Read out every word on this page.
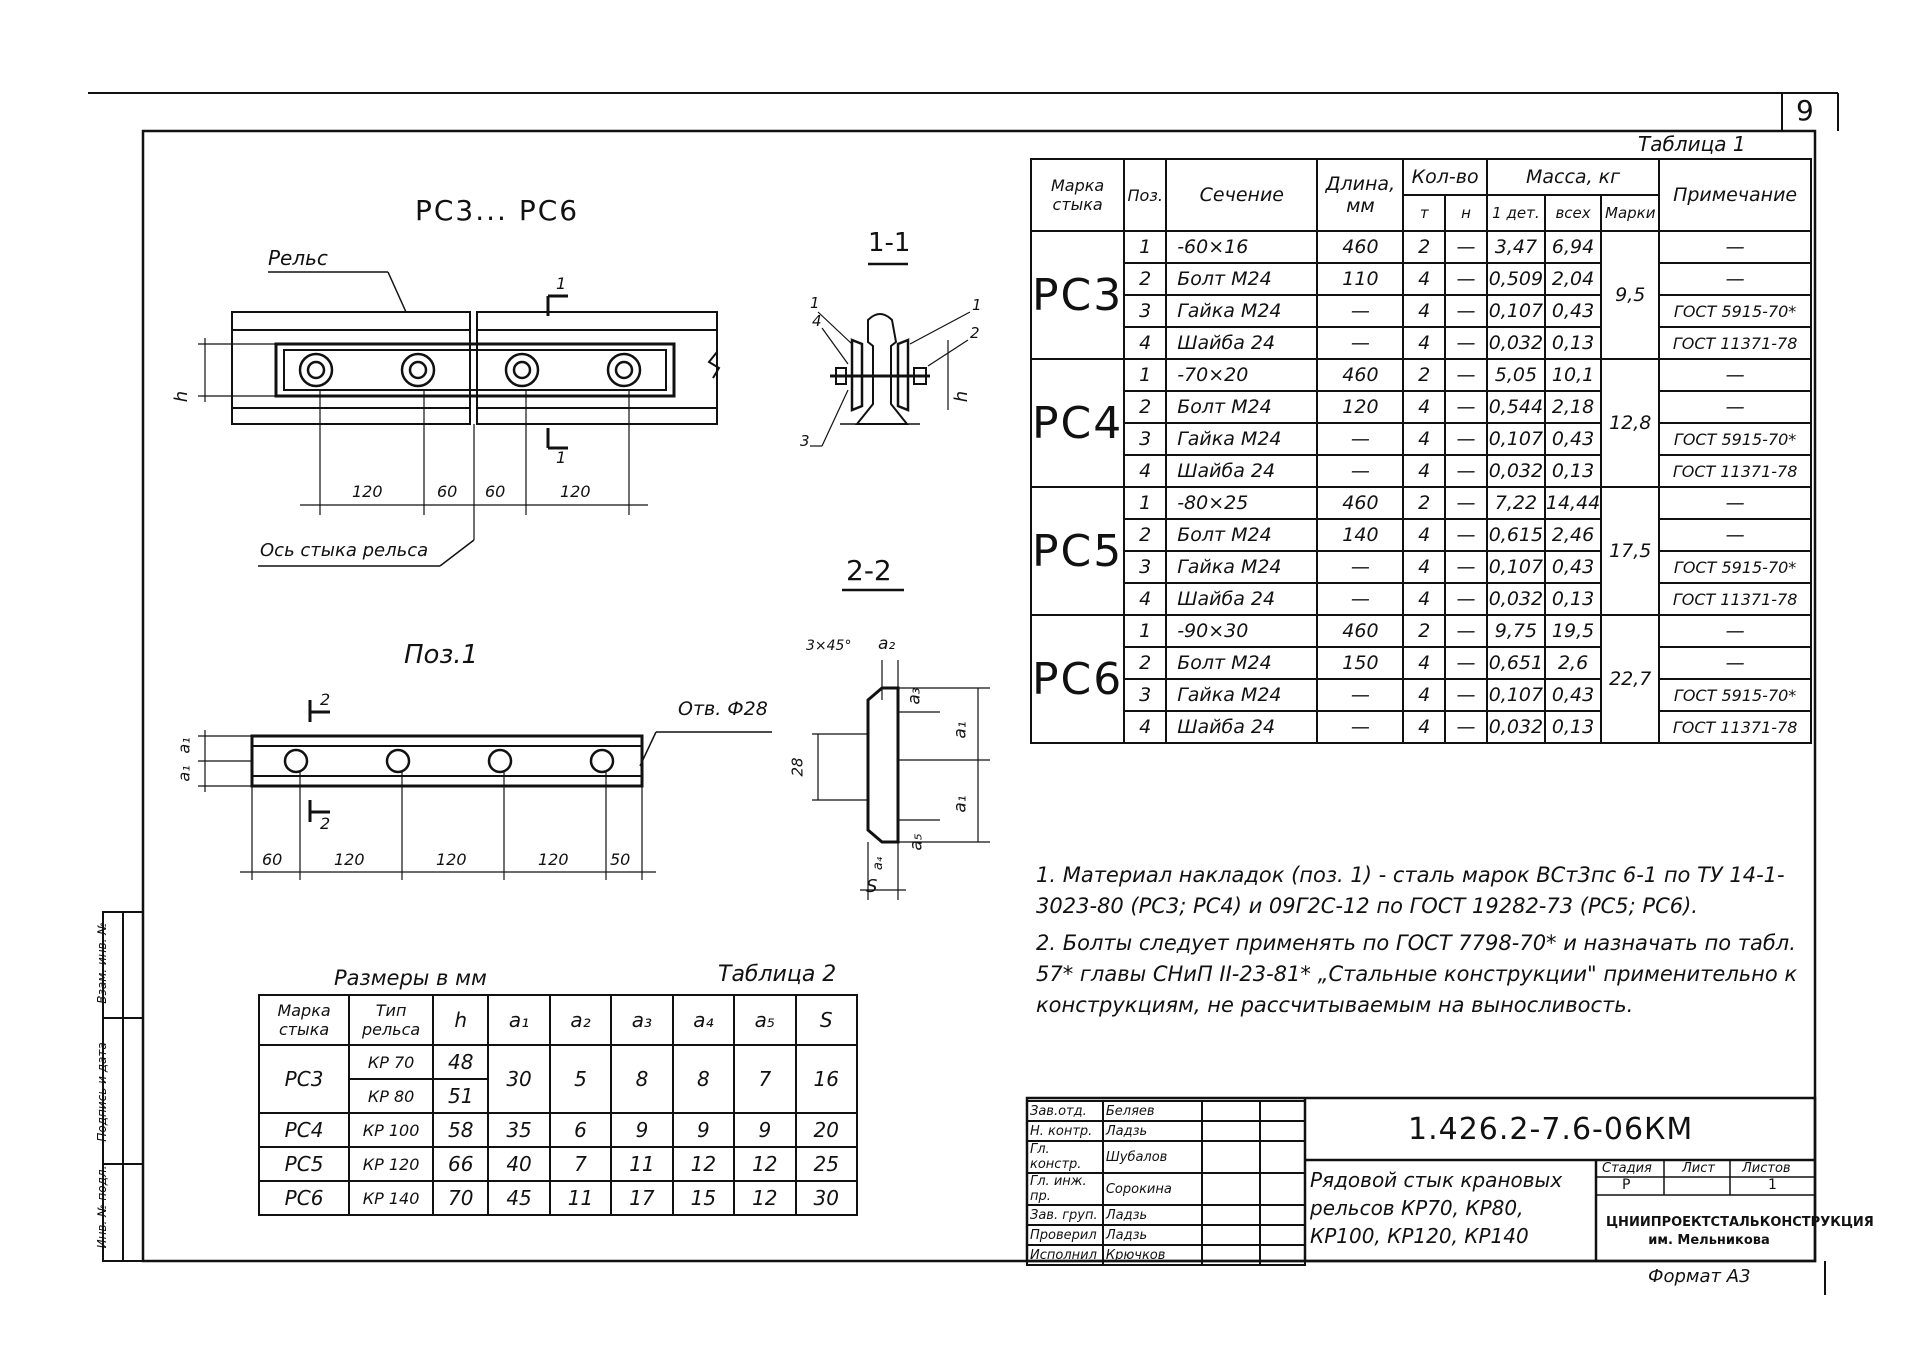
9
Формат А3
Инв. № подл.
Подпись и дата
Взам. инв. №
РС3... РС6
Рельс
Ось стыка рельса
1-1
2-2
Поз.1
Отв. Ф28
3×45°
h	h
S
28
a₂
a₃
a₁
a₁
a₅
a₄
a₁
a₁
1
1
2
2
1
4
3
1
2
120	60 60	120
60	120	120	120	50
Таблица 1
Марка стыка	Поз.	Сечение	Длина, мм	Кол-во		Масса, кг			Примечание
				т	н	1 дет.	всех	Марки	
РС3	1	-60×16	460	2	—	3,47	6,94	9,5	—
	2	Болт М24	110	4	—	0,509	2,04		—
	3	Гайка М24	—	4	—	0,107	0,43		ГОСТ 5915-70*
	4	Шайба 24	—	4	—	0,032	0,13		ГОСТ 11371-78
РС4	1	-70×20	460	2	—	5,05	10,1	12,8	—
	2	Болт М24	120	4	—	0,544	2,18		—
	3	Гайка М24	—	4	—	0,107	0,43		ГОСТ 5915-70*
	4	Шайба 24	—	4	—	0,032	0,13		ГОСТ 11371-78
РС5	1	-80×25	460	2	—	7,22	14,44	17,5	—
	2	Болт М24	140	4	—	0,615	2,46		—
	3	Гайка М24	—	4	—	0,107	0,43		ГОСТ 5915-70*
	4	Шайба 24	—	4	—	0,032	0,13		ГОСТ 11371-78
РС6	1	-90×30	460	2	—	9,75	19,5	22,7	—
	2	Болт М24	150	4	—	0,651	2,6		—
	3	Гайка М24	—	4	—	0,107	0,43		ГОСТ 5915-70*
	4	Шайба 24	—	4	—	0,032	0,13		ГОСТ 11371-78
Размеры в мм	Таблица 2
Марка стыка	Тип рельса	h	a₁	a₂	a₃	a₄	a₅	S
РС3	КР 70	48	30	5	8	8	7	16
	КР 80	51						
РС4	КР 100	58	35	6	9	9	9	20
РС5	КР 120	66	40	7	11	12	12	25
РС6	КР 140	70	45	11	17	15	12	30

1. Материал накладок (поз. 1) - сталь марок ВСт3пс 6-1 по ТУ 14-1-3023-80 (РС3; РС4) и 09Г2С-12 по ГОСТ 19282-73 (РС5; РС6).

2. Болты следует применять по ГОСТ 7798-70* и назначать по табл. 57* главы СНиП II-23-81* „Стальные конструкции" применительно к конструкциям, не рассчитываемым на выносливость.

Зав.отд.	Беляев		
Н. контр.	Ладзь		
Гл. констр.	Шубалов		
Гл. инж. пр.	Сорокина		
Зав. груп.	Ладзь		
Проверил	Ладзь		
Исполнил	Крючков		
1.426.2-7.6-06КМ
Рядовой стык крановых рельсов КР70, КР80, КР100, КР120, КР140
Стадия Лист Листов
Р	1
ЦНИИПРОЕКТСТАЛЬКОНСТРУКЦИЯ им. Мельникова
